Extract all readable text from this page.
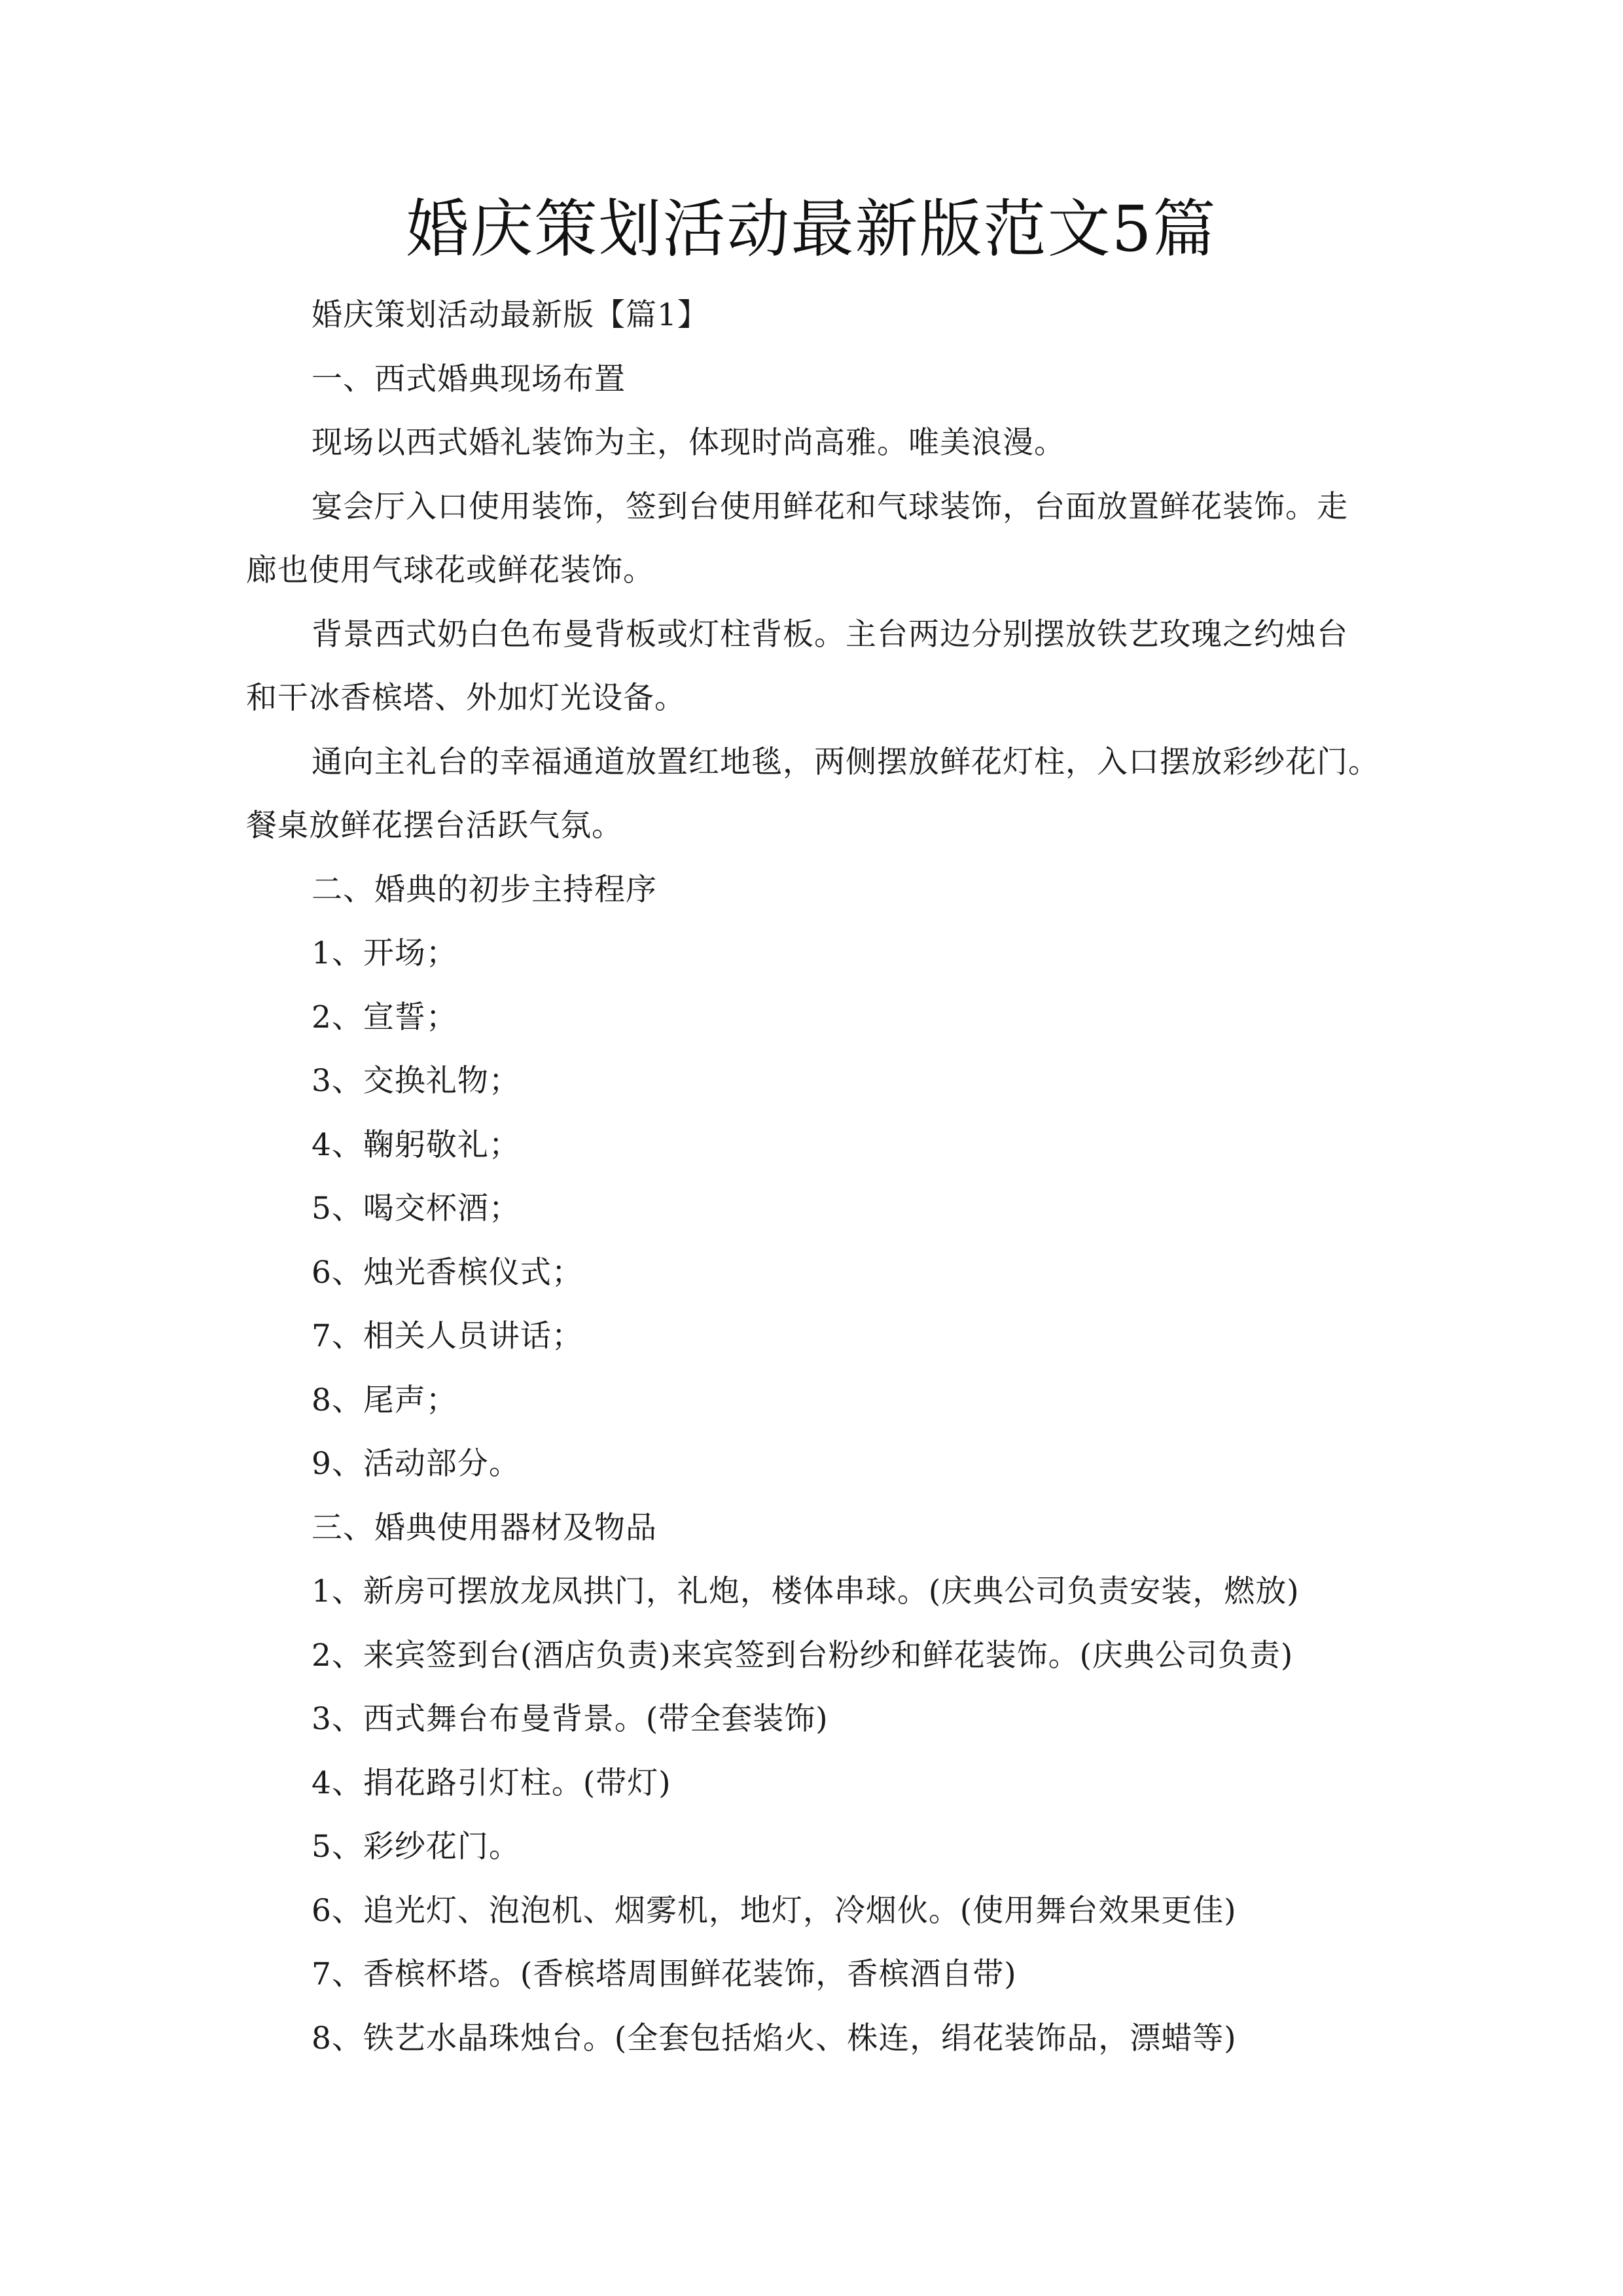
婚庆策划活动最新版范文5篇
婚庆策划活动最新版【篇1】
一、西式婚典现场布置
现场以西式婚礼装饰为主，体现时尚高雅。唯美浪漫。
宴会厅入口使用装饰，签到台使用鲜花和气球装饰，台面放置鲜花装饰。走
廊也使用气球花或鲜花装饰。
背景西式奶白色布曼背板或灯柱背板。主台两边分别摆放铁艺玫瑰之约烛台
和干冰香槟塔、外加灯光设备。
通向主礼台的幸福通道放置红地毯，两侧摆放鲜花灯柱，入口摆放彩纱花门。
餐桌放鲜花摆台活跃气氛。
二、婚典的初步主持程序
1、开场；
2、宣誓；
3、交换礼物；
4、鞠躬敬礼；
5、喝交杯酒；
6、烛光香槟仪式；
7、相关人员讲话；
8、尾声；
9、活动部分。
三、婚典使用器材及物品
1、新房可摆放龙凤拱门，礼炮，楼体串球。(庆典公司负责安装，燃放)
2、来宾签到台(酒店负责)来宾签到台粉纱和鲜花装饰。(庆典公司负责)
3、西式舞台布曼背景。(带全套装饰)
4、捐花路引灯柱。(带灯)
5、彩纱花门。
6、追光灯、泡泡机、烟雾机，地灯，冷烟伙。(使用舞台效果更佳)
7、香槟杯塔。(香槟塔周围鲜花装饰，香槟酒自带)
8、铁艺水晶珠烛台。(全套包括焰火、株连，绢花装饰品，漂蜡等)
